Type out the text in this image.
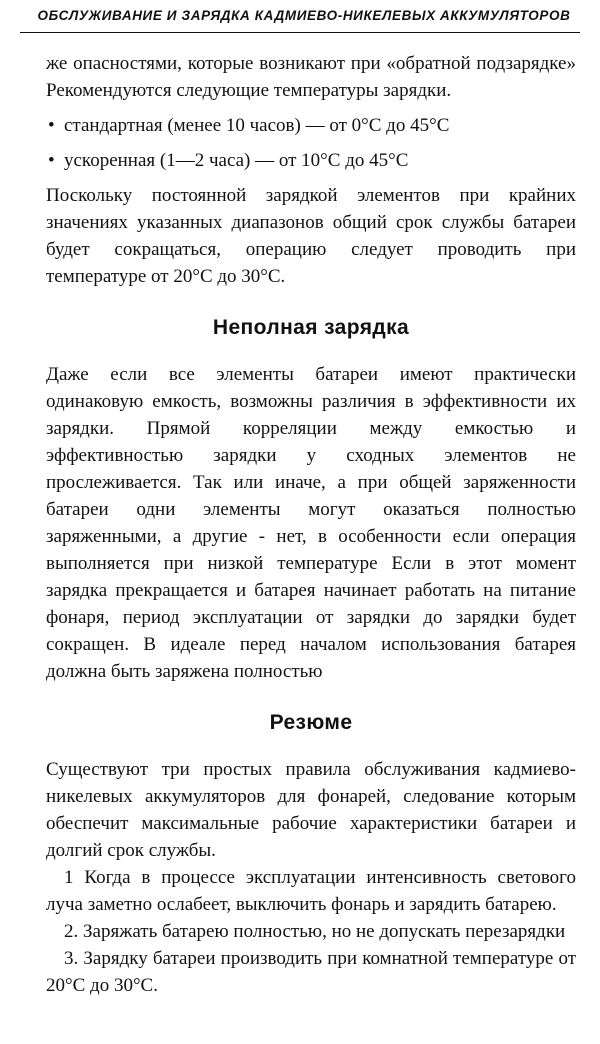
ОБСЛУЖИВАНИЕ И ЗАРЯДКА КАДМИЕВО-НИКЕЛЕВЫХ АККУМУЛЯТОРОВ

же опасностями, которые возникают при «обратной подзарядке» Рекомендуются следующие температуры зарядки.

• стандартная (менее 10 часов) — от 0°С до 45°С
• ускоренная (1—2 часа) — от 10°С до 45°С

Поскольку постоянной зарядкой элементов при крайних значениях указанных диапазонов общий срок службы батареи будет сокращаться, операцию следует проводить при температуре от 20°С до 30°С.

Неполная зарядка

Даже если все элементы батареи имеют практически одинаковую емкость, возможны различия в эффективности их зарядки. Прямой корреляции между емкостью и эффективностью зарядки у сходных элементов не прослеживается. Так или иначе, а при общей заряженности батареи одни элементы могут оказаться полностью заряженными, а другие - нет, в особенности если операция выполняется при низкой температуре Если в этот момент зарядка прекращается и батарея начинает работать на питание фонаря, период эксплуатации от зарядки до зарядки будет сокращен. В идеале перед началом использования батарея должна быть заряжена полностью

Резюме

Существуют три простых правила обслуживания кадмиево-никелевых аккумуляторов для фонарей, следование которым обеспечит максимальные рабочие характеристики батареи и долгий срок службы.

1 Когда в процессе эксплуатации интенсивность светового луча заметно ослабеет, выключить фонарь и зарядить батарею.

2. Заряжать батарею полностью, но не допускать перезарядки

3. Зарядку батареи производить при комнатной температуре от 20°С до 30°С.
